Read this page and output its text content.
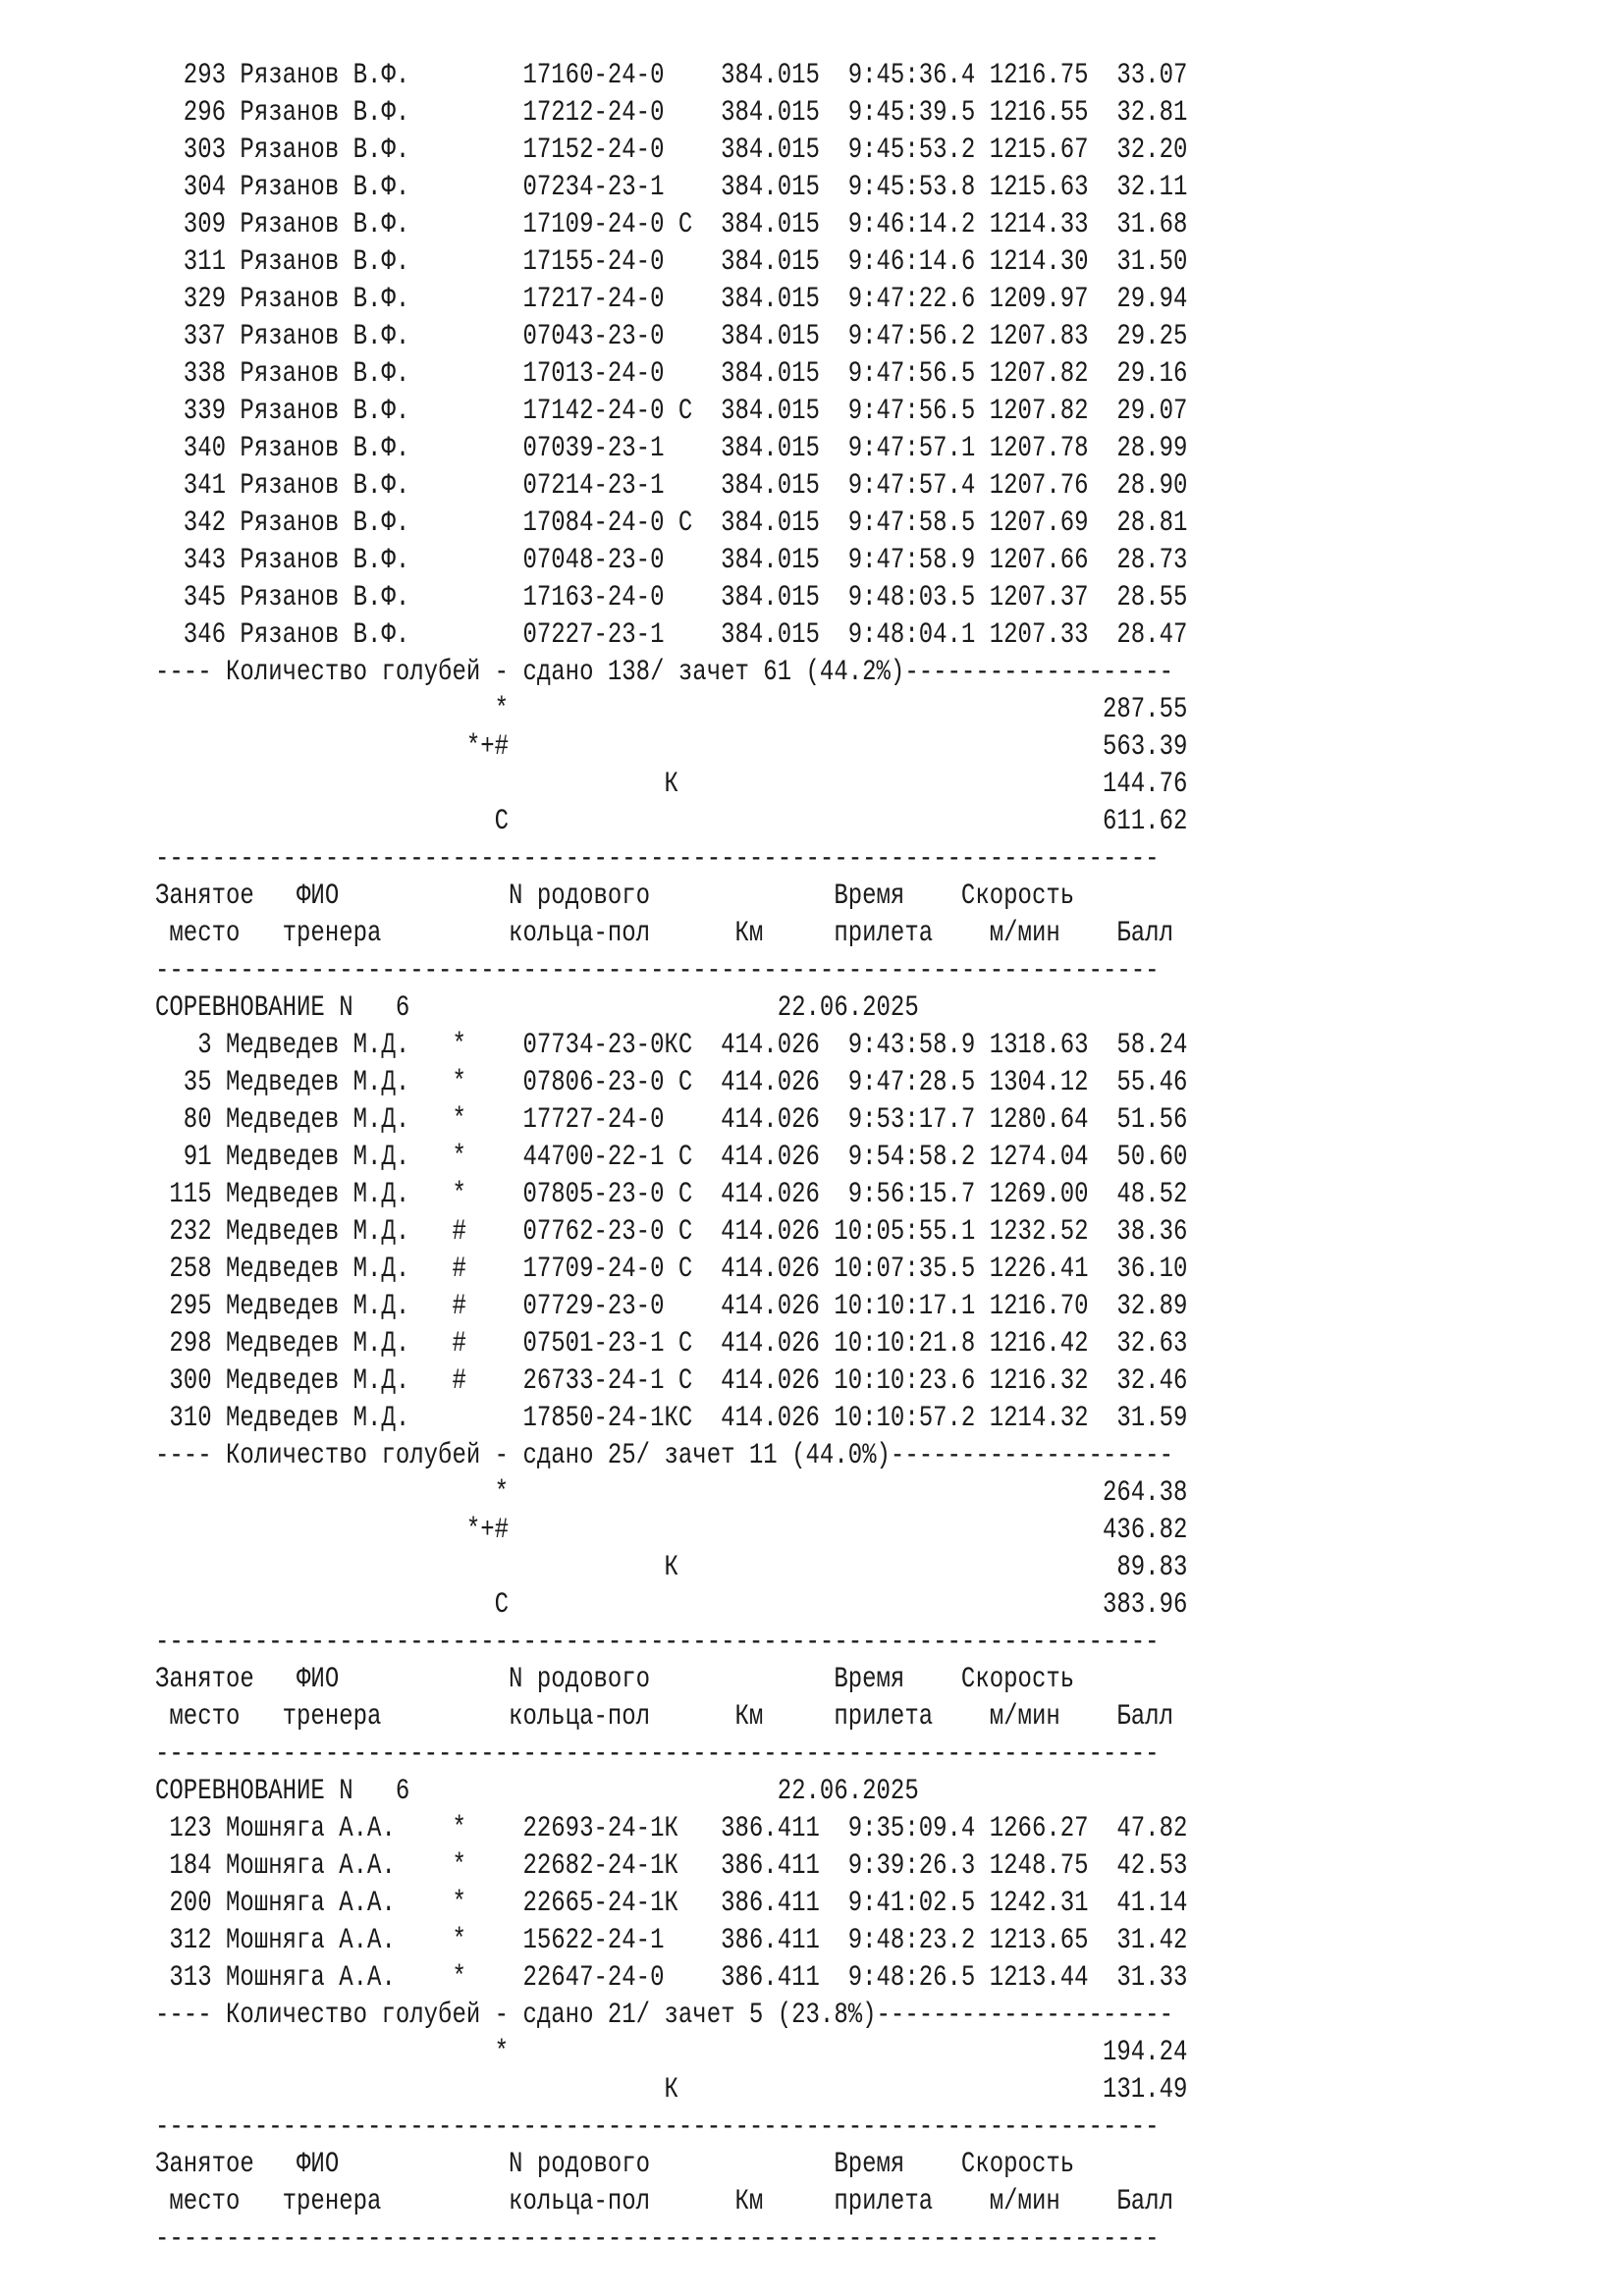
293 Рязанов В.Ф.        17160-24-0    384.015  9:45:36.4 1216.75  33.07
296 Рязанов В.Ф.        17212-24-0    384.015  9:45:39.5 1216.55  32.81
303 Рязанов В.Ф.        17152-24-0    384.015  9:45:53.2 1215.67  32.20
304 Рязанов В.Ф.        07234-23-1    384.015  9:45:53.8 1215.63  32.11
309 Рязанов В.Ф.        17109-24-0 С  384.015  9:46:14.2 1214.33  31.68
311 Рязанов В.Ф.        17155-24-0    384.015  9:46:14.6 1214.30  31.50
329 Рязанов В.Ф.        17217-24-0    384.015  9:47:22.6 1209.97  29.94
337 Рязанов В.Ф.        07043-23-0    384.015  9:47:56.2 1207.83  29.25
338 Рязанов В.Ф.        17013-24-0    384.015  9:47:56.5 1207.82  29.16
339 Рязанов В.Ф.        17142-24-0 С  384.015  9:47:56.5 1207.82  29.07
340 Рязанов В.Ф.        07039-23-1    384.015  9:47:57.1 1207.78  28.99
341 Рязанов В.Ф.        07214-23-1    384.015  9:47:57.4 1207.76  28.90
342 Рязанов В.Ф.        17084-24-0 С  384.015  9:47:58.5 1207.69  28.81
343 Рязанов В.Ф.        07048-23-0    384.015  9:47:58.9 1207.66  28.73
345 Рязанов В.Ф.        17163-24-0    384.015  9:48:03.5 1207.37  28.55
346 Рязанов В.Ф.        07227-23-1    384.015  9:48:04.1 1207.33  28.47
---- Количество голубей - сдано 138/ зачет 61 (44.2%)-------------------
*                                          287.55
*+#                                          563.39
К                              144.76
С                                          611.62
-----------------------------------------------------------------------
Занятое   ФИО            N родового             Время    Скорость
место   тренера         кольца-пол      Км     прилета    м/мин    Балл
-----------------------------------------------------------------------
СОРЕВНОВАНИЕ N   6                          22.06.2025
3 Медведев М.Д.   *    07734-23-0КС  414.026  9:43:58.9 1318.63  58.24
35 Медведев М.Д.   *    07806-23-0 С  414.026  9:47:28.5 1304.12  55.46
80 Медведев М.Д.   *    17727-24-0    414.026  9:53:17.7 1280.64  51.56
91 Медведев М.Д.   *    44700-22-1 С  414.026  9:54:58.2 1274.04  50.60
115 Медведев М.Д.   *    07805-23-0 С  414.026  9:56:15.7 1269.00  48.52
232 Медведев М.Д.   #    07762-23-0 С  414.026 10:05:55.1 1232.52  38.36
258 Медведев М.Д.   #    17709-24-0 С  414.026 10:07:35.5 1226.41  36.10
295 Медведев М.Д.   #    07729-23-0    414.026 10:10:17.1 1216.70  32.89
298 Медведев М.Д.   #    07501-23-1 С  414.026 10:10:21.8 1216.42  32.63
300 Медведев М.Д.   #    26733-24-1 С  414.026 10:10:23.6 1216.32  32.46
310 Медведев М.Д.        17850-24-1КС  414.026 10:10:57.2 1214.32  31.59
---- Количество голубей - сдано 25/ зачет 11 (44.0%)--------------------
*                                          264.38
*+#                                          436.82
К                               89.83
С                                          383.96
-----------------------------------------------------------------------
Занятое   ФИО            N родового             Время    Скорость
место   тренера         кольца-пол      Км     прилета    м/мин    Балл
-----------------------------------------------------------------------
СОРЕВНОВАНИЕ N   6                          22.06.2025
123 Мошняга А.А.    *    22693-24-1К   386.411  9:35:09.4 1266.27  47.82
184 Мошняга А.А.    *    22682-24-1К   386.411  9:39:26.3 1248.75  42.53
200 Мошняга А.А.    *    22665-24-1К   386.411  9:41:02.5 1242.31  41.14
312 Мошняга А.А.    *    15622-24-1    386.411  9:48:23.2 1213.65  31.42
313 Мошняга А.А.    *    22647-24-0    386.411  9:48:26.5 1213.44  31.33
---- Количество голубей - сдано 21/ зачет 5 (23.8%)---------------------
*                                          194.24
К                              131.49
-----------------------------------------------------------------------
Занятое   ФИО            N родового             Время    Скорость
место   тренера         кольца-пол      Км     прилета    м/мин    Балл
-----------------------------------------------------------------------
